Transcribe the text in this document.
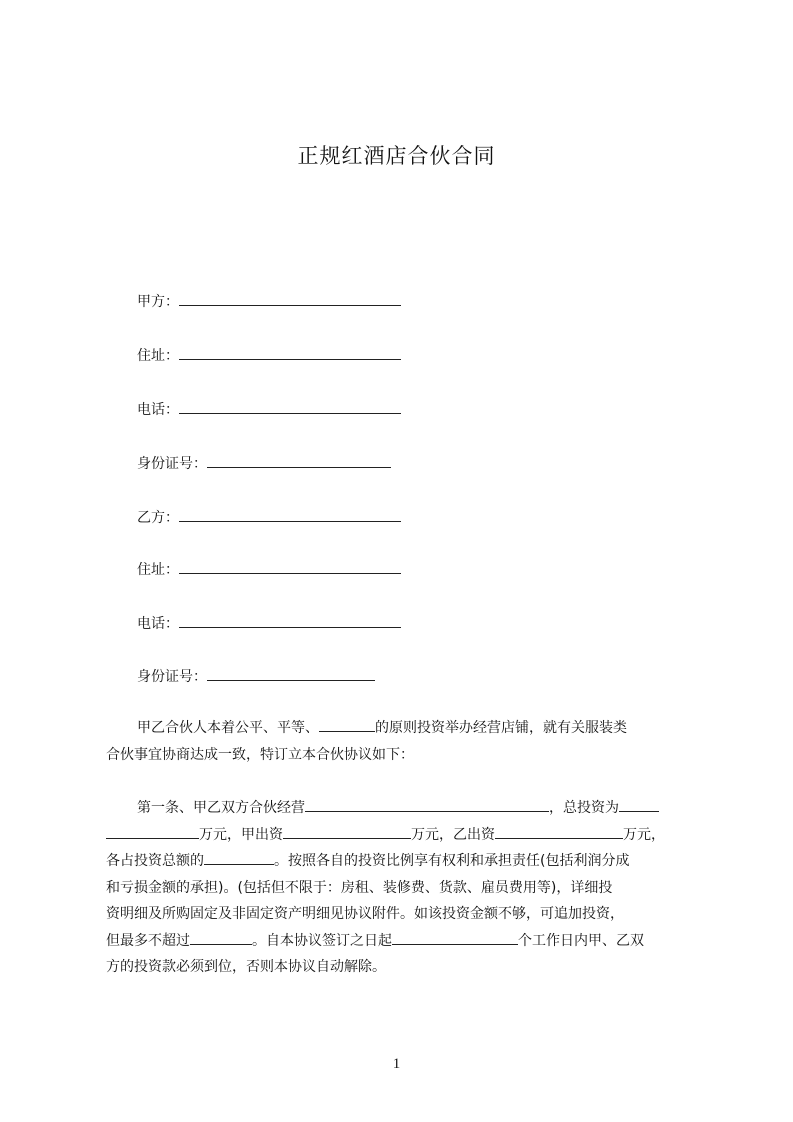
正规红酒店合伙合同
甲方：
住址：
电话：
身份证号：
乙方：
住址：
电话：
身份证号：
甲乙合伙人本着公平、平等、	的原则投资举办经营店铺，就有关服装类
合伙事宜协商达成一致，特订立本合伙协议如下：
第一条、甲乙双方合伙经营	，总投资为
万元，甲出资	万元，乙出资	万元，
各占投资总额的	。按照各自的投资比例享有权利和承担责任(包括利润分成
和亏损金额的承担)。(包括但不限于：房租、装修费、货款、雇员费用等)，详细投
资明细及所购固定及非固定资产明细见协议附件。如该投资金额不够，可追加投资，
但最多不超过	。自本协议签订之日起	个工作日内甲、乙双
方的投资款必须到位，否则本协议自动解除。
1
